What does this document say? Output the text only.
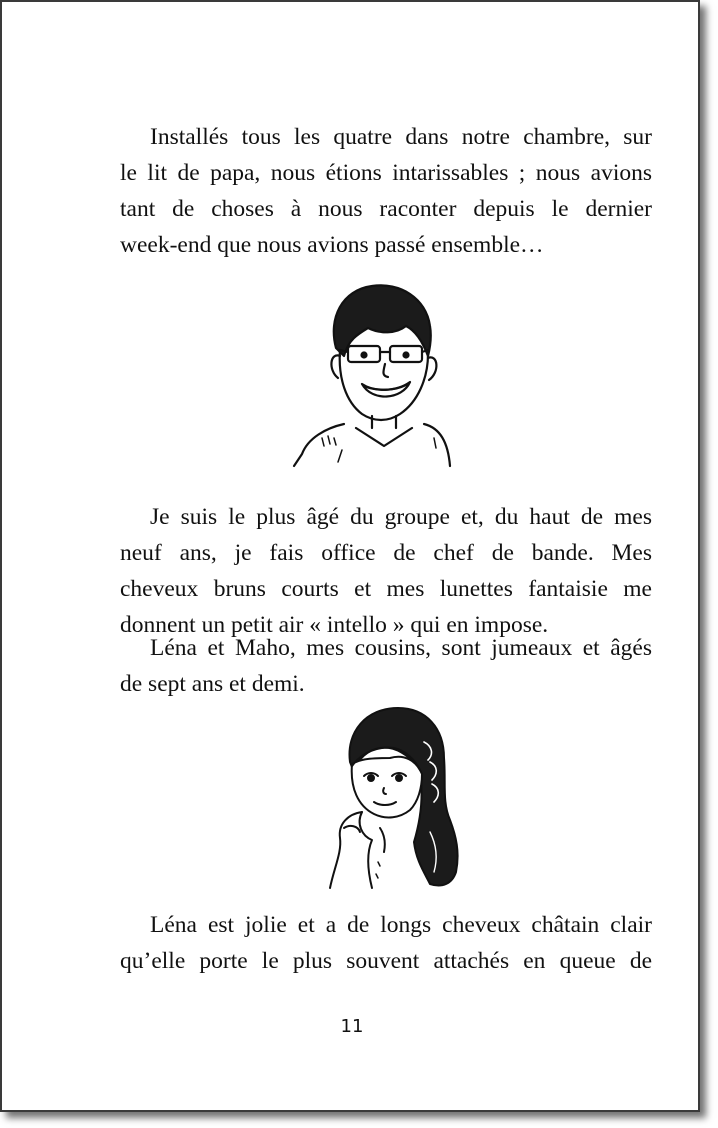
Installés tous les quatre dans notre chambre, sur
le lit de papa, nous étions intarissables ; nous avions
tant de choses à nous raconter depuis le dernier
week-end que nous avions passé ensemble…
Je suis le plus âgé du groupe et, du haut de mes
neuf ans, je fais office de chef de bande. Mes
cheveux bruns courts et mes lunettes fantaisie me
donnent un petit air « intello » qui en impose.
Léna et Maho, mes cousins, sont jumeaux et âgés
de sept ans et demi.
Léna est jolie et a de longs cheveux châtain clair
qu’elle porte le plus souvent attachés en queue de
11
